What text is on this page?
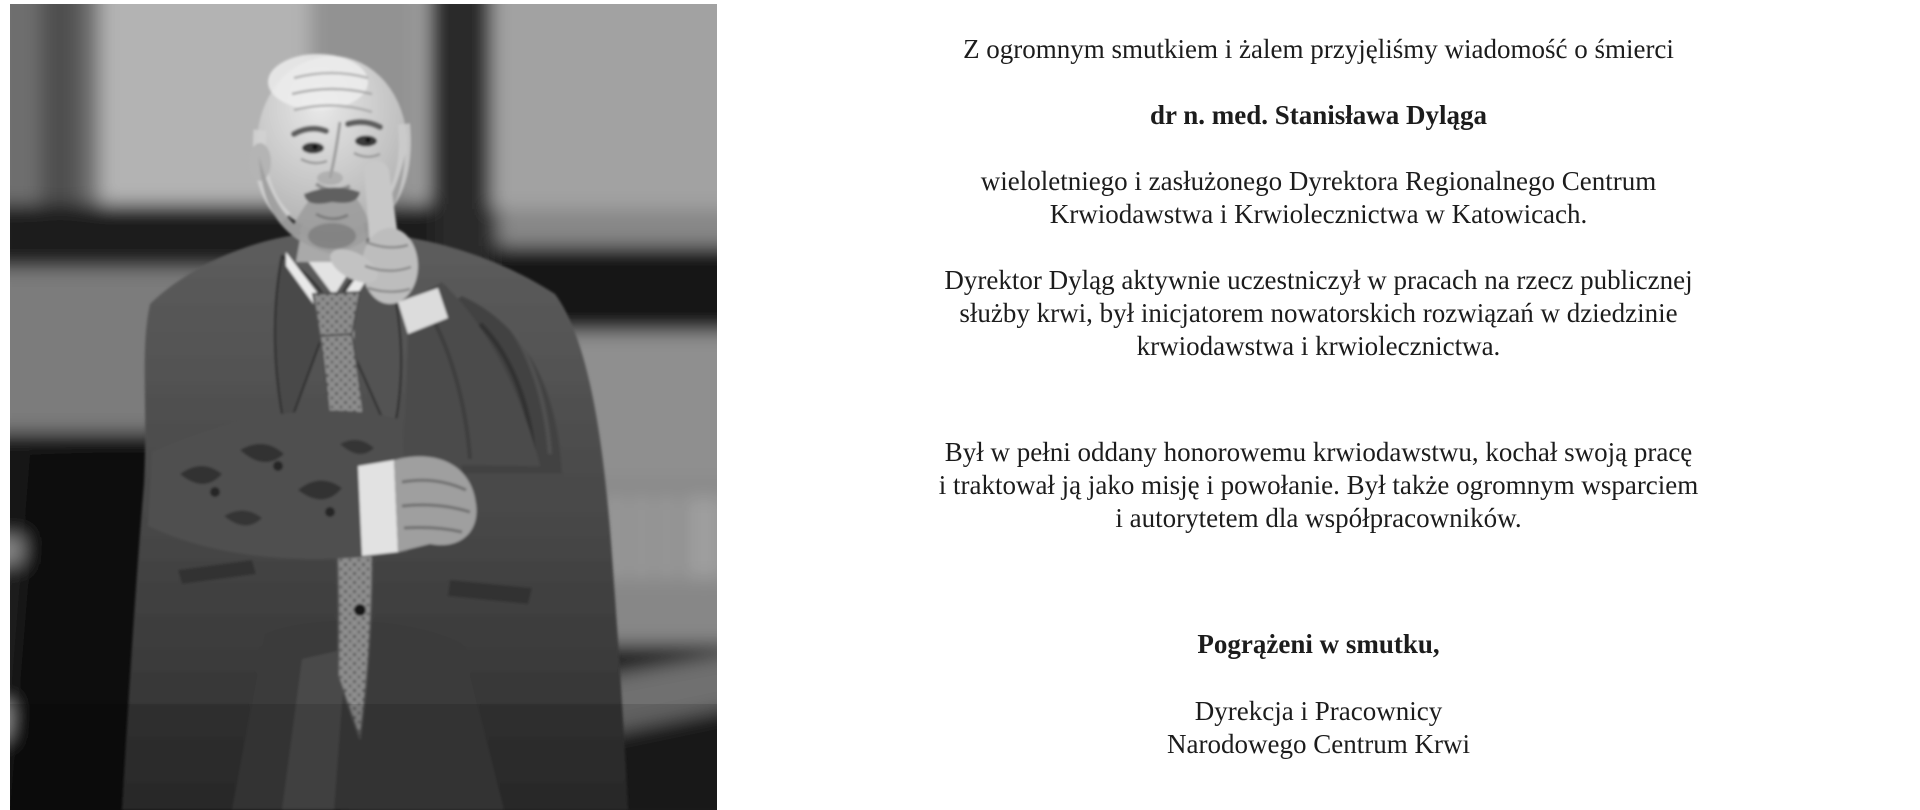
Z ogromnym smutkiem i żalem przyjęliśmy wiadomość o śmierci

dr n. med. Stanisława Dyląga

wieloletniego i zasłużonego Dyrektora Regionalnego Centrum
Krwiodawstwa i Krwiolecznictwa w Katowicach.

Dyrektor Dyląg aktywnie uczestniczył w pracach na rzecz publicznej
służby krwi, był inicjatorem nowatorskich rozwiązań w dziedzinie
krwiodawstwa i krwiolecznictwa.

Był w pełni oddany honorowemu krwiodawstwu, kochał swoją pracę
i traktował ją jako misję i powołanie. Był także ogromnym wsparciem
i autorytetem dla współpracowników.

Pogrążeni w smutku,

Dyrekcja i Pracownicy
Narodowego Centrum Krwi
